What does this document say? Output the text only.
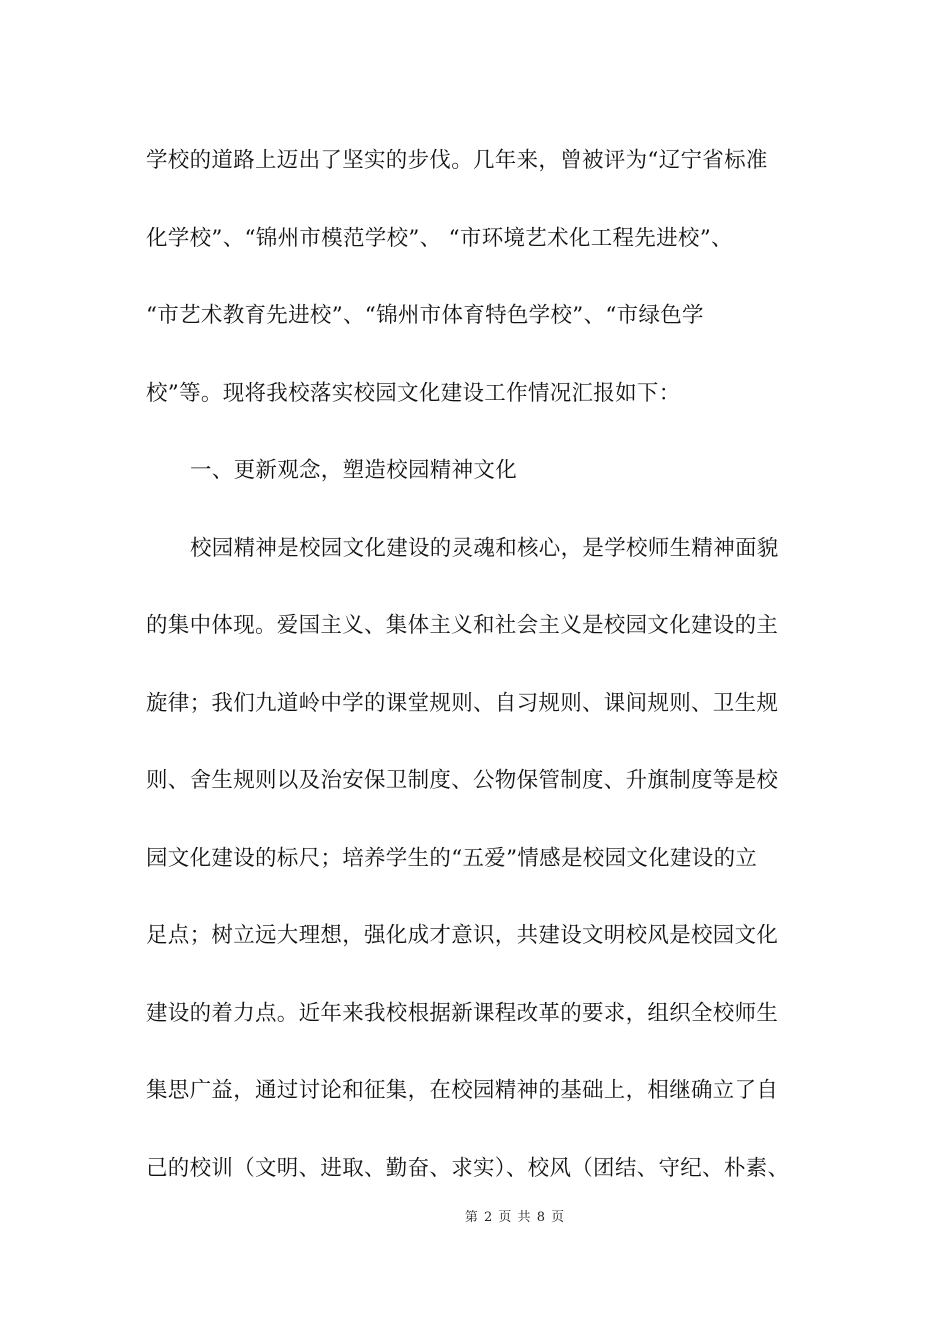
学校的道路上迈出了坚实的步伐。几年来，曾被评为“辽宁省标准
化学校”、“锦州市模范学校”、 “市环境艺术化工程先进校”、
“市艺术教育先进校”、“锦州市体育特色学校”、“市绿色学
校”等。现将我校落实校园文化建设工作情况汇报如下：
一、更新观念，塑造校园精神文化
校园精神是校园文化建设的灵魂和核心，是学校师生精神面貌
的集中体现。爱国主义、集体主义和社会主义是校园文化建设的主
旋律；我们九道岭中学的课堂规则、自习规则、课间规则、卫生规
则、舍生规则以及治安保卫制度、公物保管制度、升旗制度等是校
园文化建设的标尺；培养学生的“五爱”情感是校园文化建设的立
足点；树立远大理想，强化成才意识，共建设文明校风是校园文化
建设的着力点。近年来我校根据新课程改革的要求，组织全校师生
集思广益，通过讨论和征集，在校园精神的基础上，相继确立了自
己的校训（文明、进取、勤奋、求实）、校风（团结、守纪、朴素、
第 2 页 共 8 页
